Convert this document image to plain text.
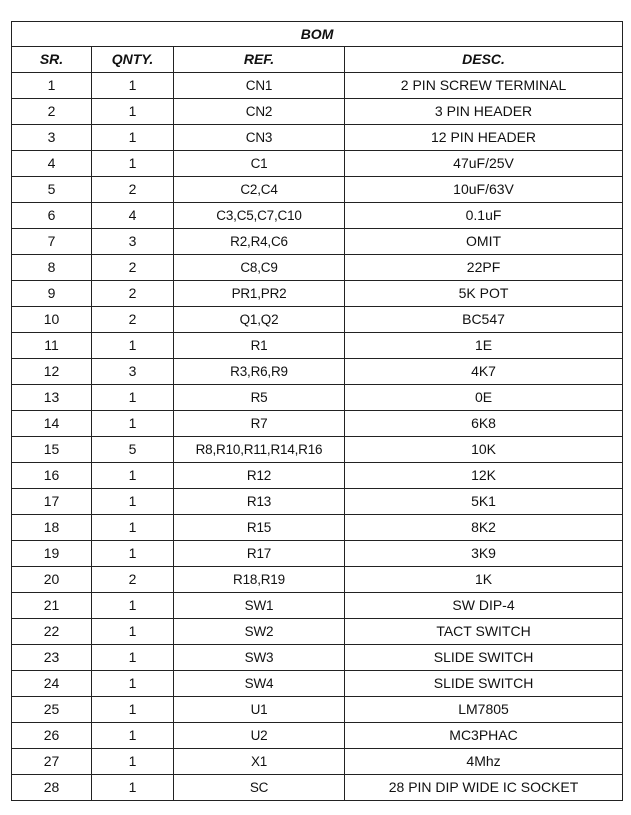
BOM			
SR.	QNTY.	REF.	DESC.
1	1	CN1	2 PIN SCREW TERMINAL
2	1	CN2	3 PIN HEADER
3	1	CN3	12 PIN HEADER
4	1	C1	47uF/25V
5	2	C2,C4	10uF/63V
6	4	C3,C5,C7,C10	0.1uF
7	3	R2,R4,C6	OMIT
8	2	C8,C9	22PF
9	2	PR1,PR2	5K POT
10	2	Q1,Q2	BC547
11	1	R1	1E
12	3	R3,R6,R9	4K7
13	1	R5	0E
14	1	R7	6K8
15	5	R8,R10,R11,R14,R16	10K
16	1	R12	12K
17	1	R13	5K1
18	1	R15	8K2
19	1	R17	3K9
20	2	R18,R19	1K
21	1	SW1	SW DIP-4
22	1	SW2	TACT SWITCH
23	1	SW3	SLIDE SWITCH
24	1	SW4	SLIDE SWITCH
25	1	U1	LM7805
26	1	U2	MC3PHAC
27	1	X1	4Mhz
28	1	SC	28 PIN DIP WIDE IC SOCKET
